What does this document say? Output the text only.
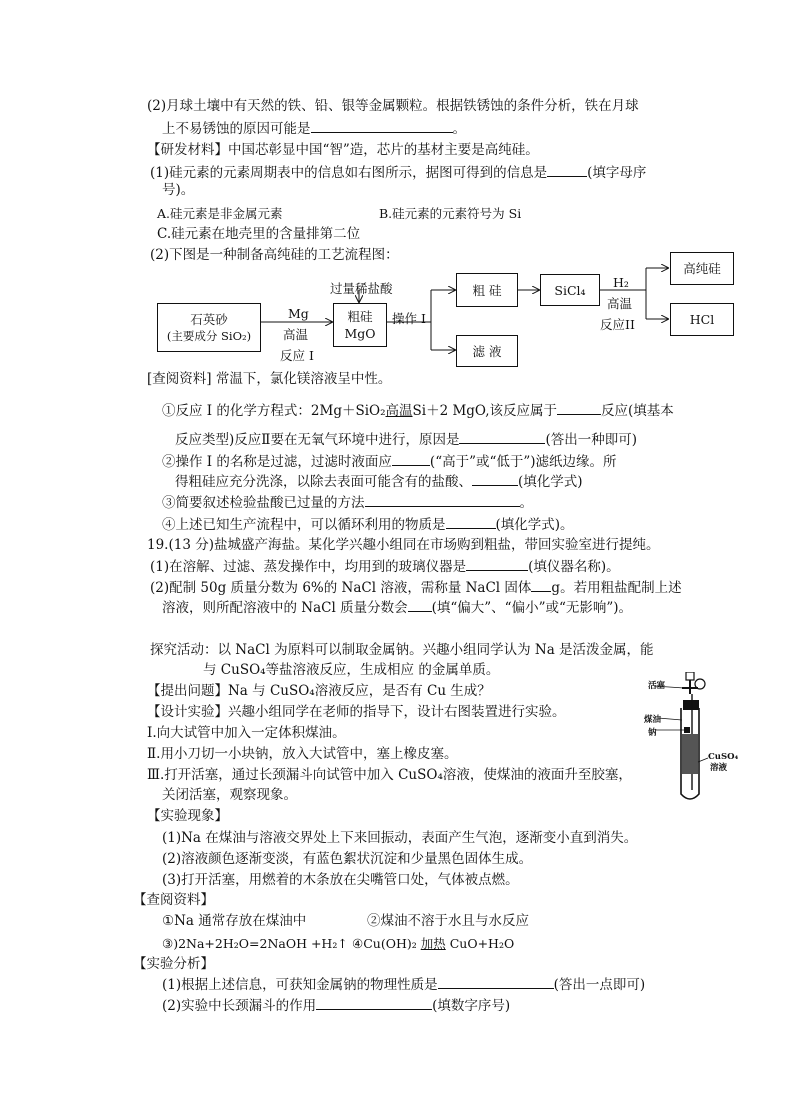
(2)月球土壤中有天然的铁、铅、银等金属颗粒。根据铁锈蚀的条件分析，铁在月球
上不易锈蚀的原因可能是	。
【研发材料】中国芯彰显中国“智”造，芯片的基材主要是高纯硅。
(1)硅元素的元素周期表中的信息如右图所示，据图可得到的信息是	(填字母序
号)。
A.硅元素是非金属元素	B.硅元素的元素符号为 Si
C.硅元素在地壳里的含量排第二位
(2)下图是一种制备高纯硅的工艺流程图：
石英砂
(主要成分 SiO₂)
Mg
高温
反应 I
过量稀盐酸
粗硅
MgO
操作 I
粗 硅
滤 液
SiCl₄	H₂
高温
反应II
高纯硅
HCl
[查阅资料] 常温下，氯化镁溶液呈中性。
①反应 I 的化学方程式：2Mg＋SiO₂高温Si＋2 MgO,该反应属于	反应(填基本
反应类型)反应Ⅱ要在无氧气环境中进行，原因是	(答出一种即可)
②操作 I 的名称是过滤，过滤时液面应	(“高于”或“低于”)滤纸边缘。所
得粗硅应充分洗涤，以除去表面可能含有的盐酸、	(填化学式)
③简要叙述检验盐酸已过量的方法	。
④上述已知生产流程中，可以循环利用的物质是	(填化学式)。
19.(13 分)盐城盛产海盐。某化学兴趣小组同在市场购到粗盐，带回实验室进行提纯。
(1)在溶解、过滤、蒸发操作中，均用到的玻璃仪器是	(填仪器名称)。
(2)配制 50g 质量分数为 6%的 NaCl 溶液，需称量 NaCl 固体 g。若用粗盐配制上述
溶液，则所配溶液中的 NaCl 质量分数会 (填“偏大”、“偏小”或“无影响”)。
探究活动：以 NaCl 为原料可以制取金属钠。兴趣小组同学认为 Na 是活泼金属，能
与 CuSO₄等盐溶液反应，生成相应 的金属单质。
【提出问题】Na 与 CuSO₄溶液反应，是否有 Cu 生成？
【设计实验】兴趣小组同学在老师的指导下，设计右图装置进行实验。
Ⅰ.向大试管中加入一定体积煤油。
Ⅱ.用小刀切一小块钠，放入大试管中，塞上橡皮塞。
Ⅲ.打开活塞，通过长颈漏斗向试管中加入 CuSO₄溶液，使煤油的液面升至胶塞，
关闭活塞，观察现象。
【实验现象】
(1)Na 在煤油与溶液交界处上下来回振动，表面产生气泡，逐渐变小直到消失。
(2)溶液颜色逐渐变淡，有蓝色絮状沉淀和少量黑色固体生成。
(3)打开活塞，用燃着的木条放在尖嘴管口处，气体被点燃。
【查阅资料】
①Na 通常存放在煤油中	②煤油不溶于水且与水反应
③)2Na+2H₂O=2NaOH +H₂↑ ④Cu(OH)₂ 加热 CuO+H₂O
【实验分析】
(1)根据上述信息，可获知金属钠的物理性质是	(答出一点即可)
(2)实验中长颈漏斗的作用	(填数字序号)
活塞
煤油
钠
CuSO₄
溶液
